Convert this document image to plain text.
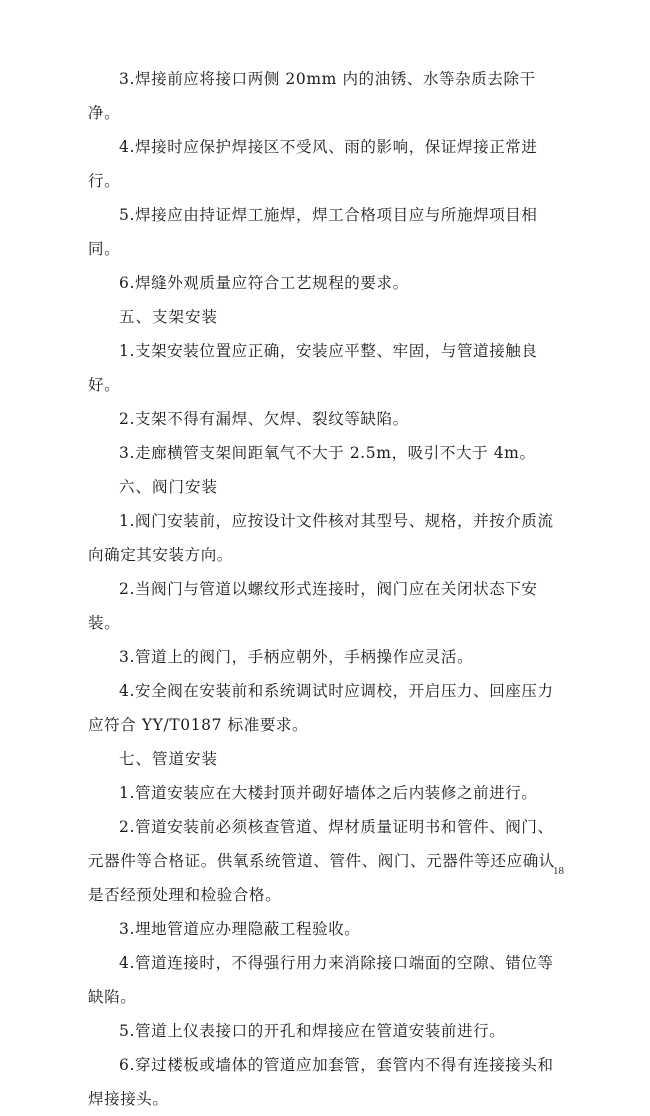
3.焊接前应将接口两侧 20mm 内的油锈、水等杂质去除干净。

4.焊接时应保护焊接区不受风、雨的影响，保证焊接正常进行。

5.焊接应由持证焊工施焊，焊工合格项目应与所施焊项目相同。

6.焊缝外观质量应符合工艺规程的要求。

五、支架安装

1.支架安装位置应正确，安装应平整、牢固，与管道接触良好。

2.支架不得有漏焊、欠焊、裂纹等缺陷。

3.走廊横管支架间距氧气不大于 2.5m，吸引不大于 4m。

六、阀门安装

1.阀门安装前，应按设计文件核对其型号、规格，并按介质流向确定其安装方向。

2.当阀门与管道以螺纹形式连接时，阀门应在关闭状态下安装。

3.管道上的阀门，手柄应朝外，手柄操作应灵活。

4.安全阀在安装前和系统调试时应调校，开启压力、回座压力应符合 YY/T0187 标准要求。

七、管道安装

1.管道安装应在大楼封顶并砌好墙体之后内装修之前进行。

2.管道安装前必须核查管道、焊材质量证明书和管件、阀门、元器件等合格证。供氧系统管道、管件、阀门、元器件等还应确认是否经预处理和检验合格。

3.埋地管道应办理隐蔽工程验收。

4.管道连接时，不得强行用力来消除接口端面的空隙、错位等缺陷。

5.管道上仪表接口的开孔和焊接应在管道安装前进行。

6.穿过楼板或墙体的管道应加套管，套管内不得有连接接头和焊接接头。

18
